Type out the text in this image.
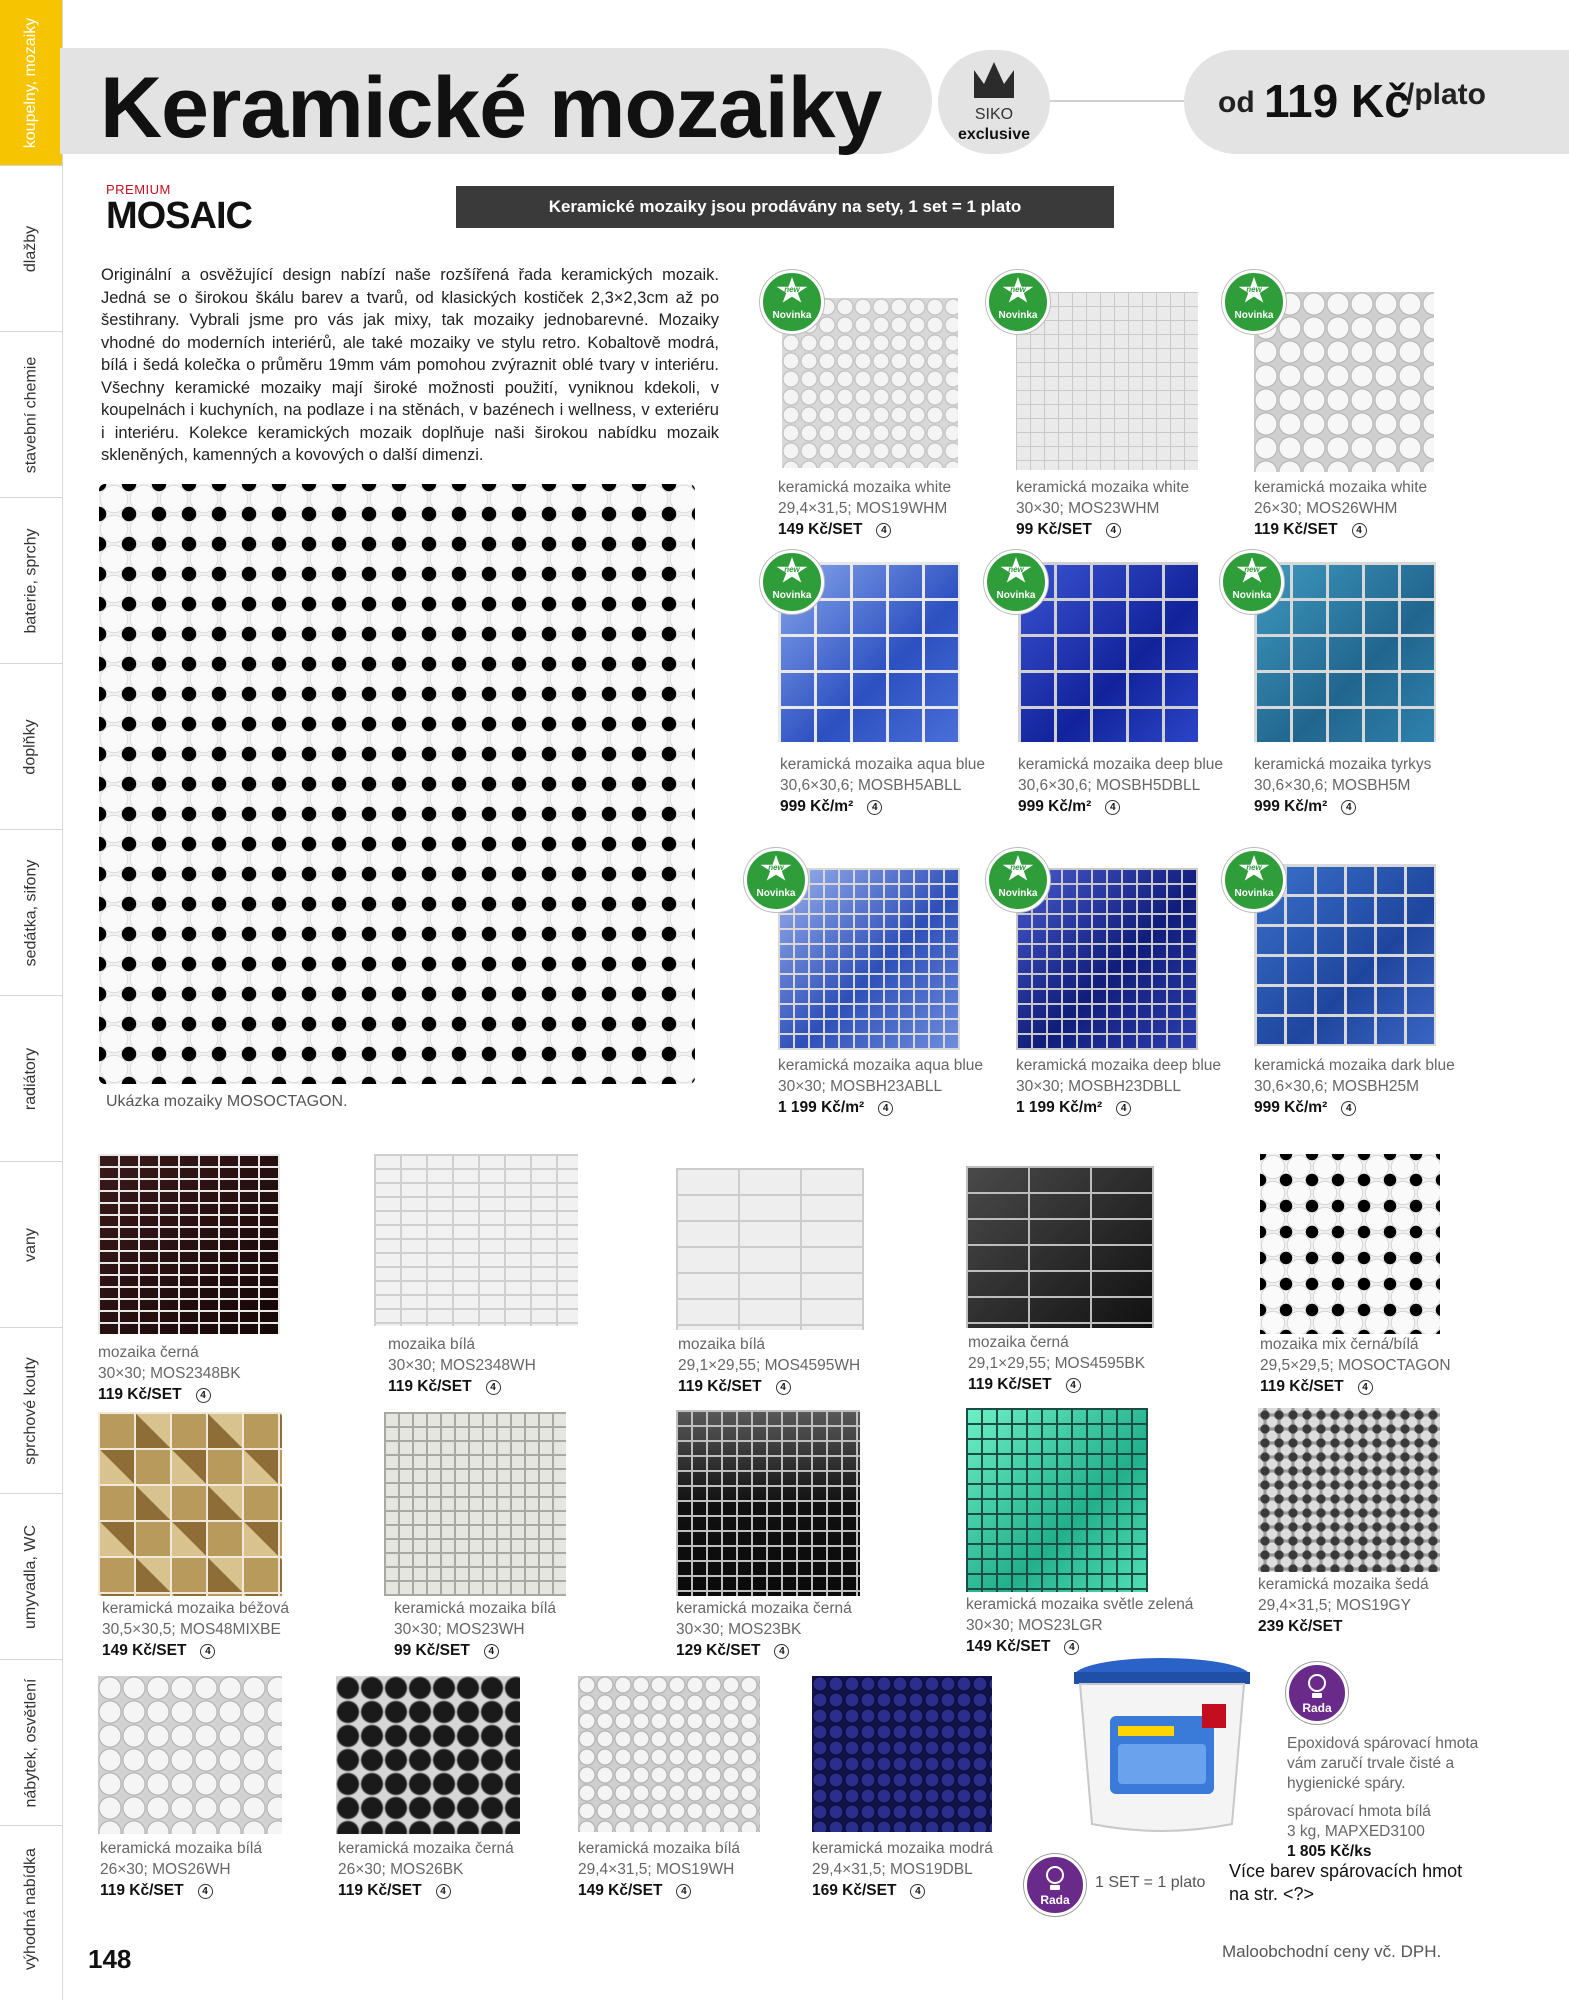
koupelny, mozaiky
dlažby
stavební chemie
baterie, sprchy
doplňky
sedátka, sifony
radiátory
vany
sprchové kouty
umyvadla, WC
nábytek, osvětlení
výhodná nabídka
Keramické mozaiky	SIKO
exclusive
od 119 Kč
/plato
PREMIUM
MOSAIC	Keramické mozaiky jsou prodávány na sety, 1 set = 1 plato

Originální a osvěžující design nabízí naše rozšířená řada keramických mozaik. Jedná se o širokou škálu barev a tvarů, od klasických kostiček 2,3×2,3cm až po šestihrany. Vybrali jsme pro vás jak mixy, tak mozaiky jednobarevné. Mozaiky vhodné do moderních interiérů, ale také mozaiky ve stylu retro. Kobaltově modrá, bílá i šedá kolečka o průměru 19mm vám pomohou zvýraznit oblé tvary v interiéru. Všechny keramické mozaiky mají široké možnosti použití, vyniknou kdekoli, v koupelnách i kuchyních, na podlaze i na stěnách, v bazénech i wellness, v exteriéru i interiéru. Kolekce keramických mozaik doplňuje naši širokou nabídku mozaik skleněných, kamenných a kovových o další dimenzi.

Ukázka mozaiky MOSOCTAGON.
new
Novinka
new
Novinka
new
Novinka
new
Novinka
new
Novinka
new
Novinka
new
Novinka
new
Novinka
new
Novinka
keramická mozaika white
29,4×31,5; MOS19WHM
149 Kč/SET 4
keramická mozaika white
30×30; MOS23WHM
99 Kč/SET 4
keramická mozaika white
26×30; MOS26WHM
119 Kč/SET 4
keramická mozaika aqua blue
30,6×30,6; MOSBH5ABLL
999 Kč/m² 4
keramická mozaika deep blue
30,6×30,6; MOSBH5DBLL
999 Kč/m² 4
keramická mozaika tyrkys
30,6×30,6; MOSBH5M
999 Kč/m² 4
keramická mozaika aqua blue
30×30; MOSBH23ABLL
1 199 Kč/m² 4
keramická mozaika deep blue
30×30; MOSBH23DBLL
1 199 Kč/m² 4
keramická mozaika dark blue
30,6×30,6; MOSBH25M
999 Kč/m² 4
mozaika černá
30×30; MOS2348BK
119 Kč/SET 4
mozaika bílá
30×30; MOS2348WH
119 Kč/SET 4
mozaika bílá
29,1×29,55; MOS4595WH
119 Kč/SET 4
mozaika černá
29,1×29,55; MOS4595BK
119 Kč/SET 4
mozaika mix černá/bílá
29,5×29,5; MOSOCTAGON
119 Kč/SET 4
keramická mozaika béžová
30,5×30,5; MOS48MIXBE
149 Kč/SET 4
keramická mozaika bílá
30×30; MOS23WH
99 Kč/SET 4
keramická mozaika černá
30×30; MOS23BK
129 Kč/SET 4
keramická mozaika světle zelená
30×30; MOS23LGR
149 Kč/SET 4
keramická mozaika šedá
29,4×31,5; MOS19GY
239 Kč/SET
keramická mozaika bílá
26×30; MOS26WH
119 Kč/SET 4
keramická mozaika černá
26×30; MOS26BK
119 Kč/SET 4
keramická mozaika bílá
29,4×31,5; MOS19WH
149 Kč/SET 4
keramická mozaika modrá
29,4×31,5; MOS19DBL
169 Kč/SET 4
Rada
Epoxidová spárovací hmota vám zaručí trvale čisté a hygienické spáry.
spárovací hmota bílá
3 kg, MAPXED3100
1 805 Kč/ks
Více barev spárovacích hmot na str. <?>
Rada
1 SET = 1 plato
148	Maloobchodní ceny vč. DPH.
